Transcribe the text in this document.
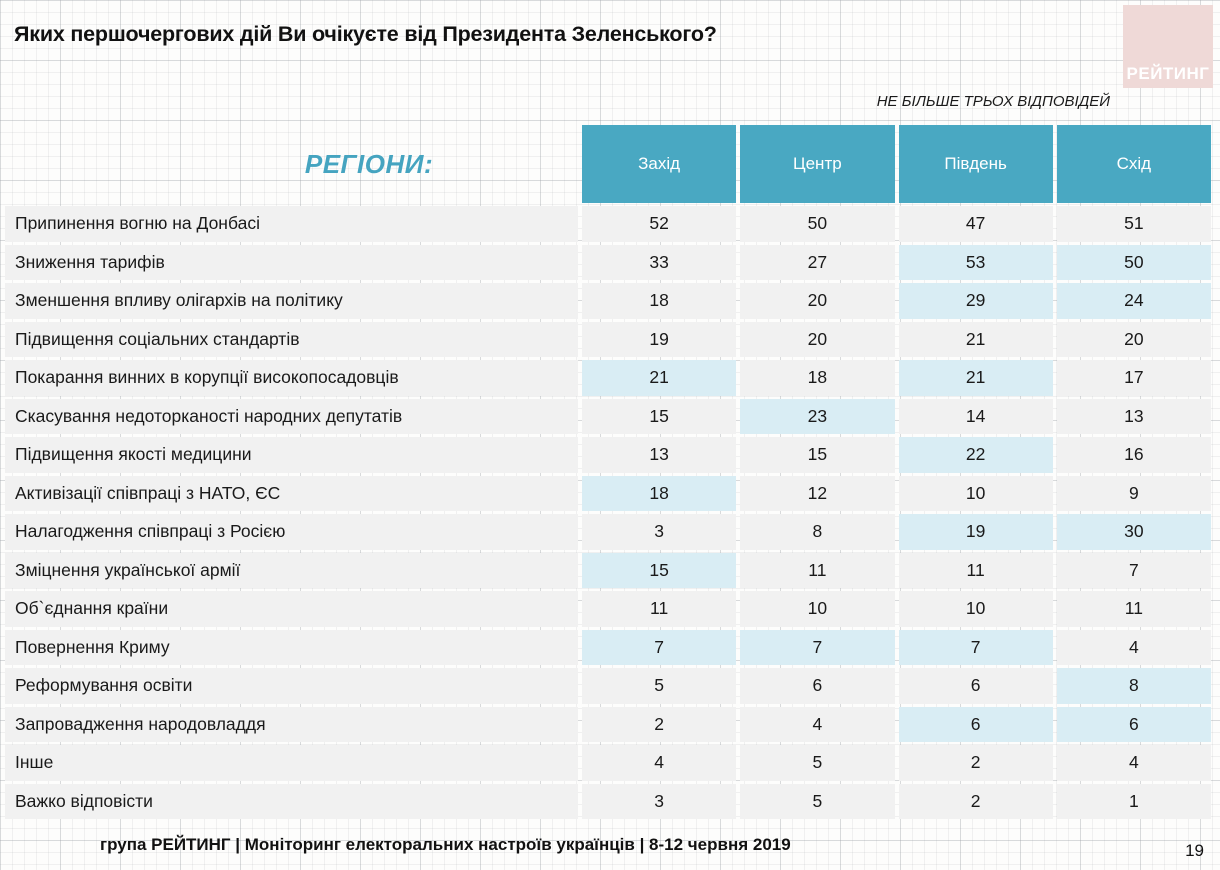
Яких першочергових дій Ви очікуєте від Президента Зеленського?
РЕЙТИНГ
НЕ БІЛЬШЕ ТРЬОХ ВІДПОВІДЕЙ
РЕГІОНИ:	Захід	Центр	Південь	Схід
Припинення вогню на Донбасі	52	50	47	51
Зниження тарифів	33	27	53	50
Зменшення впливу олігархів на політику	18	20	29	24
Підвищення соціальних стандартів	19	20	21	20
Покарання винних в корупції високопосадовців	21	18	21	17
Скасування недоторканості народних депутатів	15	23	14	13
Підвищення якості медицини	13	15	22	16
Активізації співпраці з НАТО, ЄС	18	12	10	9
Налагодження співпраці з Росією	3	8	19	30
Зміцнення української армії	15	11	11	7
Об`єднання країни	11	10	10	11
Повернення Криму	7	7	7	4
Реформування освіти	5	6	6	8
Запровадження народовладдя	2	4	6	6
Інше	4	5	2	4
Важко відповісти	3	5	2	1
група РЕЙТИНГ | Моніторинг електоральних настроїв українців | 8-12 червня 2019	19
